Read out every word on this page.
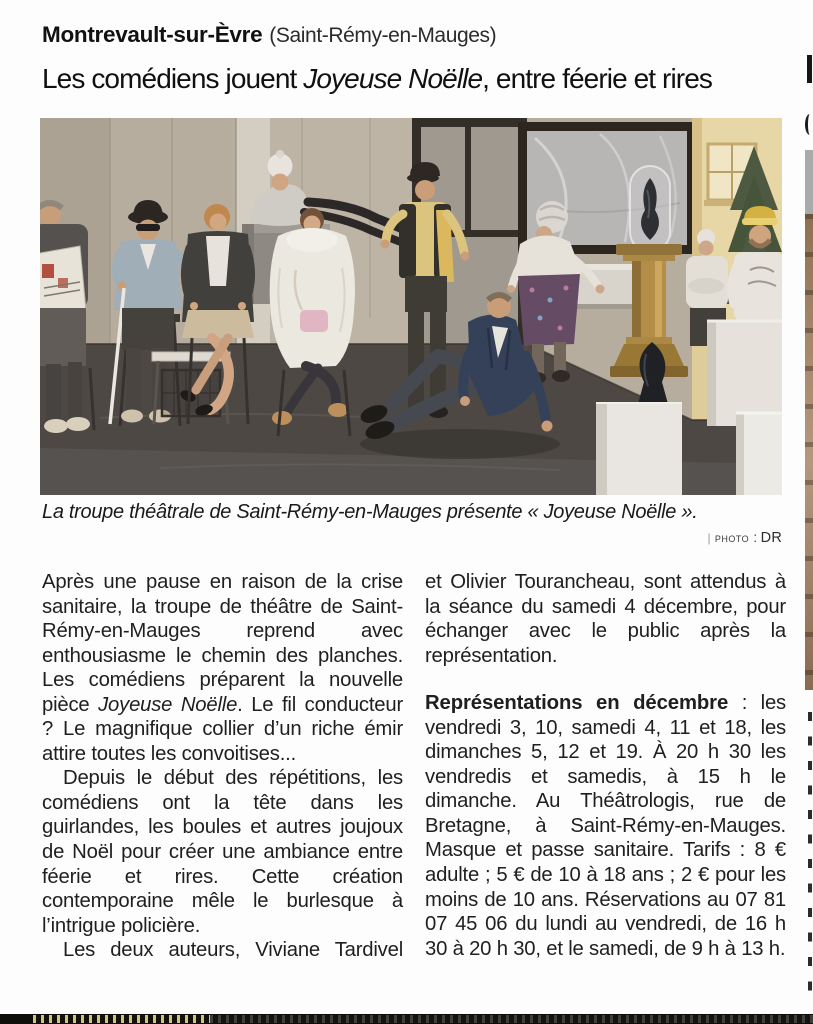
Montrevault-sur-Èvre (Saint-Rémy-en-Mauges)
Les comédiens jouent Joyeuse Noëlle, entre féerie et rires

La troupe théâtrale de Saint-Rémy-en-Mauges présente « Joyeuse Noëlle ».

| photo : DR

Après une pause en raison de la crise sanitaire, la troupe de théâtre de Saint-Rémy-en-Mauges reprend avec enthousiasme le chemin des planches. Les comédiens préparent la nouvelle pièce Joyeuse Noëlle. Le fil conducteur ? Le magnifique collier d’un riche émir attire toutes les convoitises...

Depuis le début des répétitions, les comédiens ont la tête dans les guirlandes, les boules et autres joujoux de Noël pour créer une ambiance entre féerie et rires. Cette création contemporaine mêle le burlesque à l’intrigue policière.

Les deux auteurs, Viviane Tardivel

et Olivier Tourancheau, sont attendus à la séance du samedi 4 décembre, pour échanger avec le public après la représentation.

Représentations en décembre : les vendredi 3, 10, samedi 4, 11 et 18, les dimanches 5, 12 et 19. À 20 h 30 les vendredis et samedis, à 15 h le dimanche. Au Théâtrologis, rue de Bretagne, à Saint-Rémy-en-Mauges. Masque et passe sanitaire. Tarifs : 8 € adulte ; 5 € de 10 à 18 ans ; 2 € pour les moins de 10 ans. Réservations au 07 81 07 45 06 du lundi au vendredi, de 16 h 30 à 20 h 30, et le samedi, de 9 h à 13 h.
